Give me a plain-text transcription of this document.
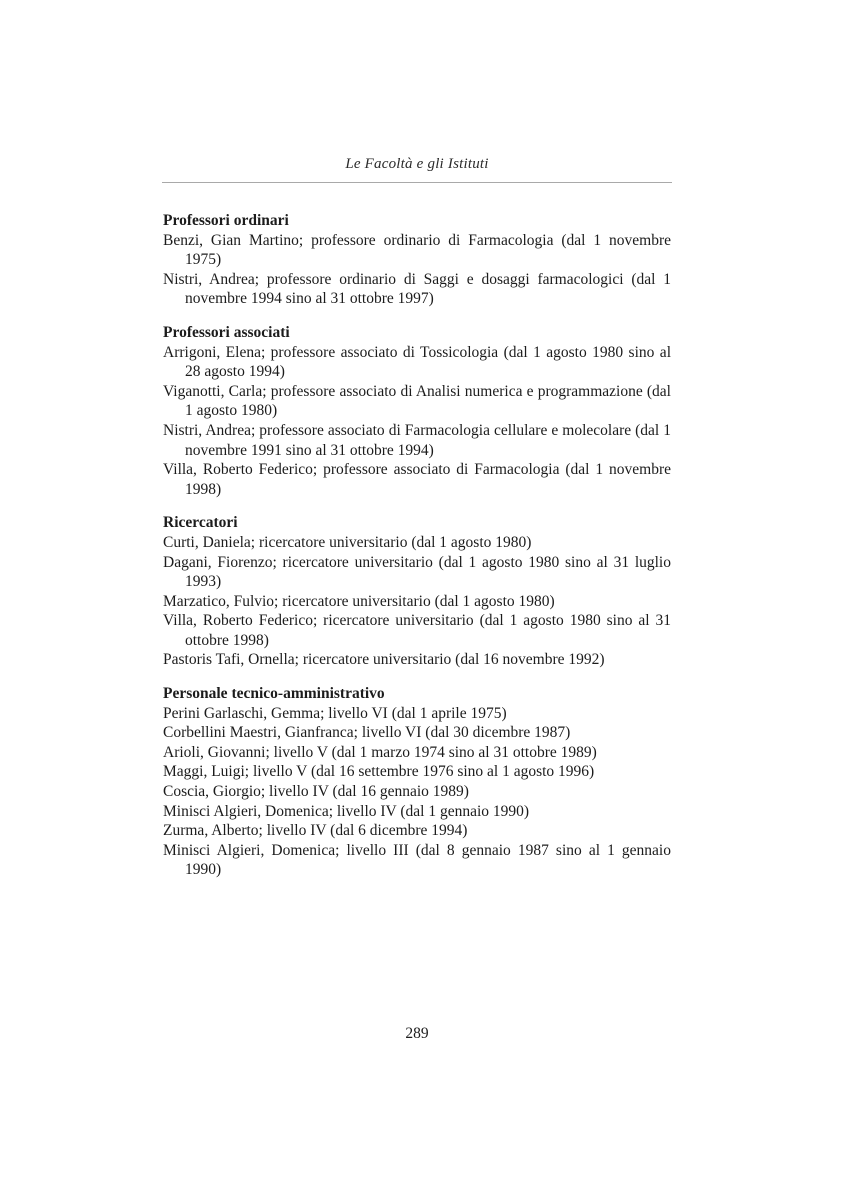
Le Facoltà e gli Istituti
Professori ordinari

Benzi, Gian Martino; professore ordinario di Farmacologia (dal 1 novembre 1975)

Nistri, Andrea; professore ordinario di Saggi e dosaggi farmacologici (dal 1 novembre 1994 sino al 31 ottobre 1997)

Professori associati

Arrigoni, Elena; professore associato di Tossicologia (dal 1 agosto 1980 sino al 28 agosto 1994)

Viganotti, Carla; professore associato di Analisi numerica e programmazione (dal 1 agosto 1980)

Nistri, Andrea; professore associato di Farmacologia cellulare e molecolare (dal 1 novembre 1991 sino al 31 ottobre 1994)

Villa, Roberto Federico; professore associato di Farmacologia (dal 1 novembre 1998)

Ricercatori

Curti, Daniela; ricercatore universitario (dal 1 agosto 1980)

Dagani, Fiorenzo; ricercatore universitario (dal 1 agosto 1980 sino al 31 luglio 1993)

Marzatico, Fulvio; ricercatore universitario (dal 1 agosto 1980)

Villa, Roberto Federico; ricercatore universitario (dal 1 agosto 1980 sino al 31 ottobre 1998)

Pastoris Tafi, Ornella; ricercatore universitario (dal 16 novembre 1992)

Personale tecnico-amministrativo

Perini Garlaschi, Gemma; livello VI (dal 1 aprile 1975)

Corbellini Maestri, Gianfranca; livello VI (dal 30 dicembre 1987)

Arioli, Giovanni; livello V (dal 1 marzo 1974 sino al 31 ottobre 1989)

Maggi, Luigi; livello V (dal 16 settembre 1976 sino al 1 agosto 1996)

Coscia, Giorgio; livello IV (dal 16 gennaio 1989)

Minisci Algieri, Domenica; livello IV (dal 1 gennaio 1990)

Zurma, Alberto; livello IV (dal 6 dicembre 1994)

Minisci Algieri, Domenica; livello III (dal 8 gennaio 1987 sino al 1 gennaio 1990)

289
